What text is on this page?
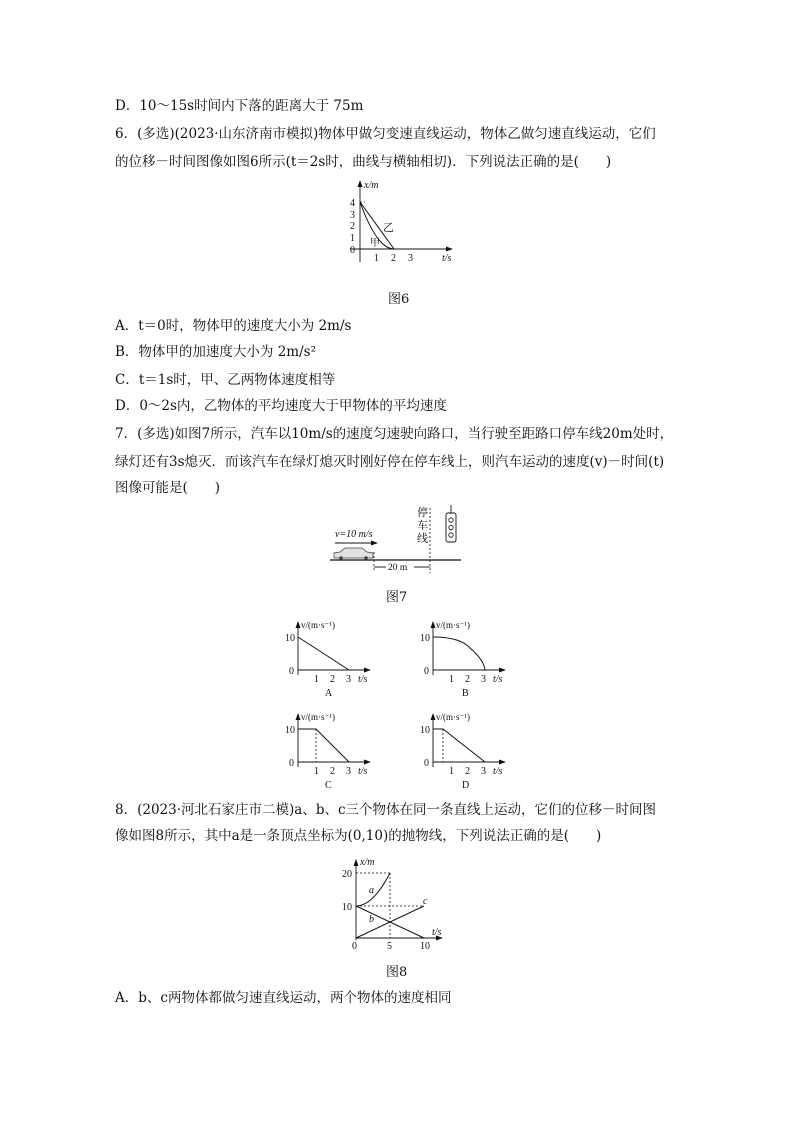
D．10～15s时间内下落的距离大于 75m
6．(多选)(2023·山东济南市模拟)物体甲做匀变速直线运动，物体乙做匀速直线运动，它们
的位移－时间图像如图6所示(t＝2s时，曲线与横轴相切)．下列说法正确的是(　　)
x/m
t/s
4
3
2
1
0
1 2 3
乙
甲
图6
A．t＝0时，物体甲的速度大小为 2m/s
B．物体甲的加速度大小为 2m/s²
C．t＝1s时，甲、乙两物体速度相等
D．0～2s内，乙物体的平均速度大于甲物体的平均速度
7．(多选)如图7所示，汽车以10m/s的速度匀速驶向路口，当行驶至距路口停车线20m处时，
绿灯还有3s熄灭．而该汽车在绿灯熄灭时刚好停在停车线上，则汽车运动的速度(v)－时间(t)
图像可能是(　　)
v=10 m/s
20 m
停
车
线
图7
v/(m·s⁻¹)
10
0
1 2 3 t/s
A
v/(m·s⁻¹)
10
0
1 2 3 t/s
B
v/(m·s⁻¹)
10
0
1 2 3 t/s
C
v/(m·s⁻¹)
10
0
1 2 3 t/s
D
8．(2023·河北石家庄市二模)a、b、c三个物体在同一条直线上运动，它们的位移－时间图
像如图8所示，其中a是一条顶点坐标为(0,10)的抛物线，下列说法正确的是(　　)
x/m
t/s
20
10
0	5	10
a
b
c
图8
A．b、c两物体都做匀速直线运动，两个物体的速度相同
